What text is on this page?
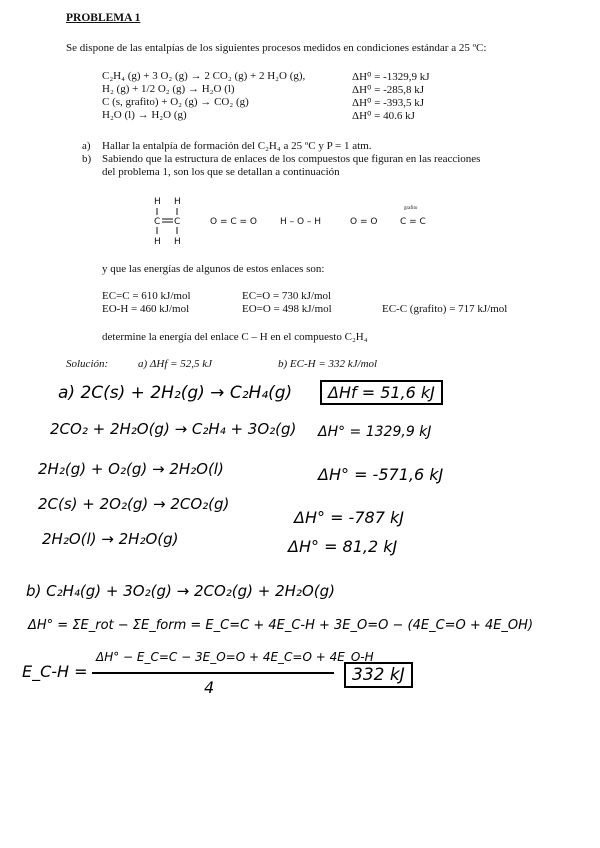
PROBLEMA 1
Se dispone de las entalpías de los siguientes procesos medidos en condiciones estándar a 25 ºC:
C₂H₄ (g) + 3 O₂ (g) → 2 CO₂ (g) + 2 H₂O (g),	ΔH⁰ = -1329,9 kJ
H₂ (g) + 1/2 O₂ (g) → H₂O (l)	ΔH⁰ = -285,8 kJ
C (s, grafito) + O₂ (g) → CO₂ (g)	ΔH⁰ = -393,5 kJ
H₂O (l) → H₂O (g)	ΔH⁰ = 40.6 kJ
a) Hallar la entalpía de formación del C₂H₄ a 25 ºC y P = 1 atm.
b) Sabiendo que la estructura de enlaces de los compuestos que figuran en las reacciones
del problema 1, son los que se detallan a continuación
H H
C C
H H
O = C = O	H – O – H	O = O
grafito
C = C
y que las energías de algunos de estos enlaces son:
EC=C = 610 kJ/mol	EC=O = 730 kJ/mol
EO-H = 460 kJ/mol	EO=O = 498 kJ/mol	EC-C (grafito) = 717 kJ/mol
determine la energía del enlace C – H en el compuesto C₂H₄
Solución:	a) ΔHf = 52,5 kJ	b) EC-H = 332 kJ/mol
a) 2C(s) + 2H₂(g) → C₂H₄(g)	ΔHf = 51,6 kJ
2CO₂ + 2H₂O(g) → C₂H₄ + 3O₂(g) ΔH° = 1329,9 kJ
2H₂(g) + O₂(g) → 2H₂O(l)	ΔH° = -571,6 kJ
2C(s) + 2O₂(g) → 2CO₂(g)
ΔH° = -787 kJ
2H₂O(l) → 2H₂O(g)	ΔH° = 81,2 kJ
b) C₂H₄(g) + 3O₂(g) → 2CO₂(g) + 2H₂O(g)
ΔH° = ΣE_rot − ΣE_form = E_C=C + 4E_C-H + 3E_O=O − (4E_C=O + 4E_OH)
E_C-H =
ΔH° − E_C=C − 3E_O=O + 4E_C=O + 4E_O-H
4
332 kJ
